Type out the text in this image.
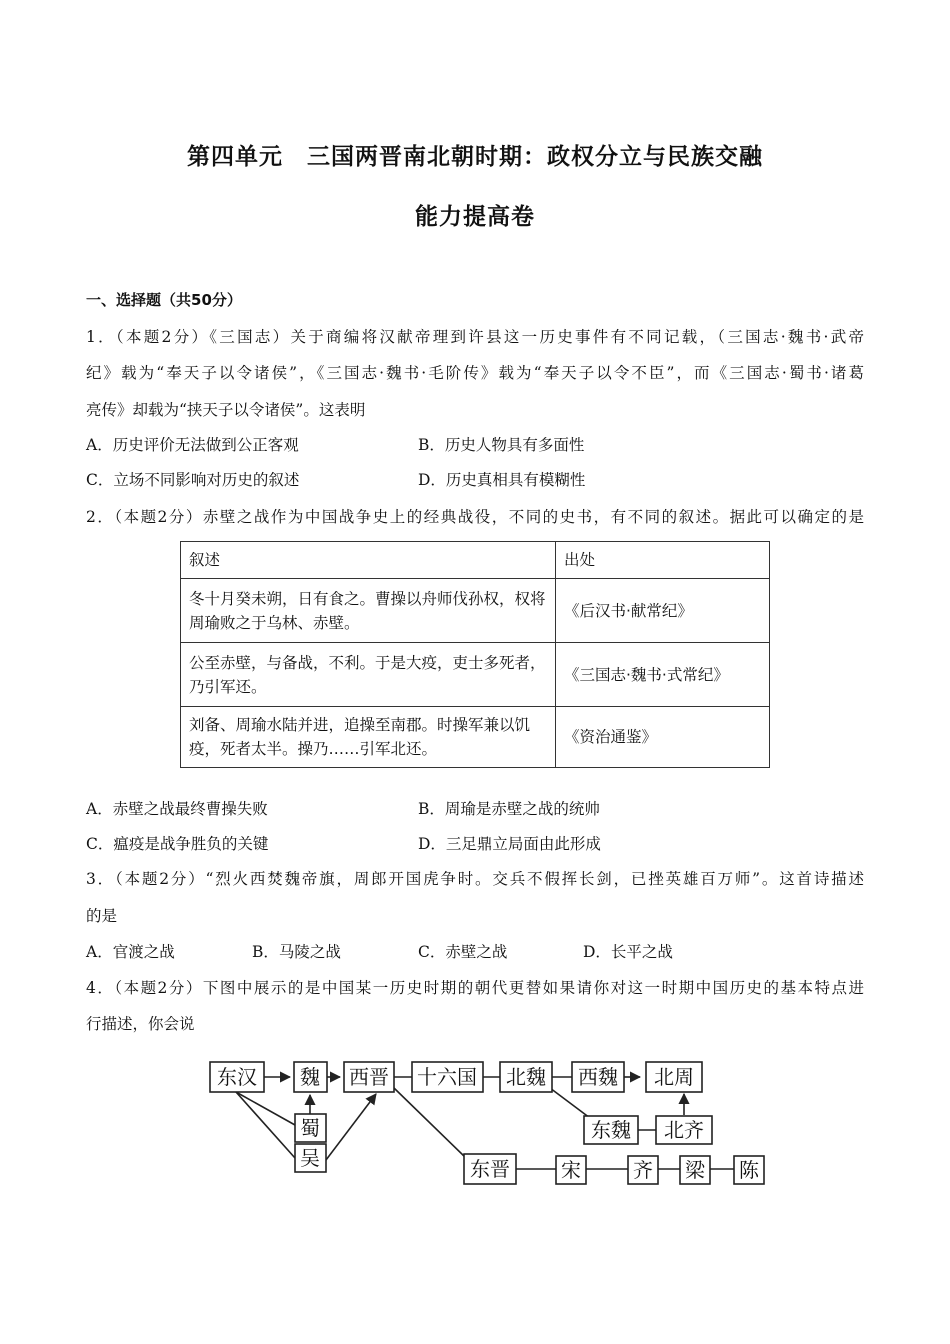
第四单元　三国两晋南北朝时期：政权分立与民族交融
能力提高卷
一、选择题（共50分）
1．（本题2分）《三国志）关于商编将汉献帝理到许县这一历史事件有不同记载，（三国志·魏书·武帝
纪》载为“奉天子以令诸侯”，《三国志·魏书·毛阶传》载为“奉天子以令不臣”，而《三国志·蜀书·诸葛
亮传》却载为“挟天子以令诸侯”。这表明
A．历史评价无法做到公正客观	B．历史人物具有多面性
C．立场不同影响对历史的叙述	D．历史真相具有模糊性
2．（本题2分）赤壁之战作为中国战争史上的经典战役，不同的史书，有不同的叙述。据此可以确定的是
叙述	出处
冬十月癸未朔，日有食之。曹操以舟师伐孙权，权将周瑜败之于乌林、赤壁。	《后汉书·献常纪》
公至赤壁，与备战，不利。于是大疫，吏士多死者，乃引军还。	《三国志·魏书·式常纪》
刘备、周瑜水陆并进，追操至南郡。时操军兼以饥疫，死者太半。操乃……引军北还。	《资治通鉴》
A．赤壁之战最终曹操失败	B．周瑜是赤壁之战的统帅
C．瘟疫是战争胜负的关键	D．三足鼎立局面由此形成
3．（本题2分）“烈火西焚魏帝旗，周郎开国虎争时。交兵不假挥长剑，已挫英雄百万师”。这首诗描述
的是
A．官渡之战	B．马陵之战	C．赤壁之战	D．长平之战
4．（本题2分）下图中展示的是中国某一历史时期的朝代更替如果请你对这一时期中国历史的基本特点进
行描述，你会说
东汉 魏
蜀
吴
西晋 十六国 北魏 西魏 北周
东魏 北齐
东晋	宋	齐 梁 陈
